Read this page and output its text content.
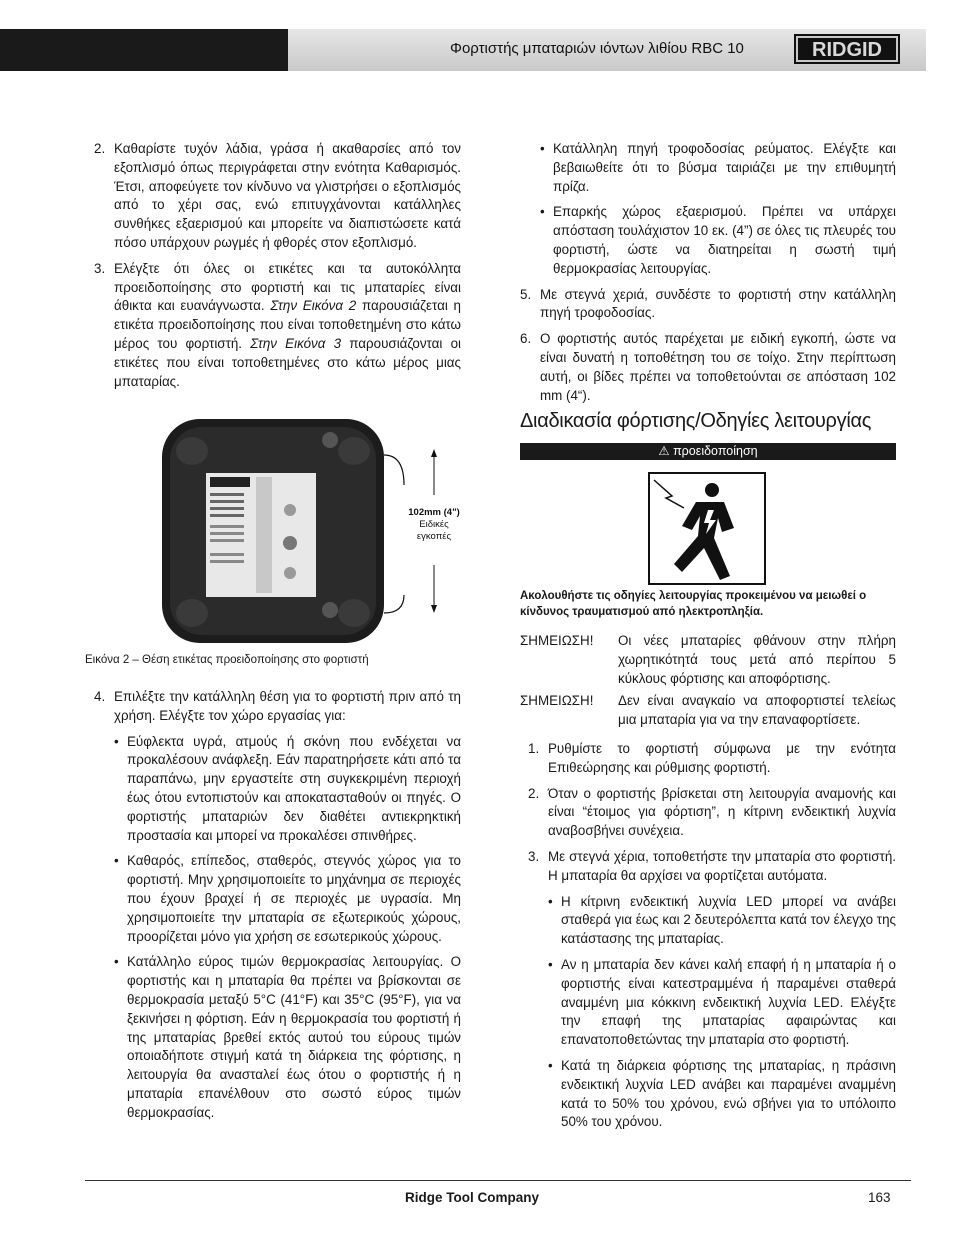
Φορτιστής μπαταριών ιόντων λιθίου RBC 10	RIDGID
2. Καθαρίστε τυχόν λάδια, γράσα ή ακαθαρσίες από τον εξοπλισμό όπως περιγράφεται στην ενότητα Καθαρισμός. Έτσι, αποφεύγετε τον κίνδυνο να γλιστρήσει ο εξοπλισμός από το χέρι σας, ενώ επιτυγχάνονται κατάλληλες συνθήκες εξαερισμού και μπορείτε να διαπιστώσετε κατά πόσο υπάρχουν ρωγμές ή φθορές στον εξοπλισμό.
3. Ελέγξτε ότι όλες οι ετικέτες και τα αυτοκόλλητα προειδοποίησης στο φορτιστή και τις μπαταρίες είναι άθικτα και ευανάγνωστα. Στην Εικόνα 2 παρουσιάζεται η ετικέτα προειδοποίησης που είναι τοποθετημένη στο κάτω μέρος του φορτιστή. Στην Εικόνα 3 παρουσιάζονται οι ετικέτες που είναι τοποθετημένες στο κάτω μέρος μιας μπαταρίας.
102mm (4")
Ειδικές
εγκοπές
Εικόνα 2 – Θέση ετικέτας προειδοποίησης στο φορτιστή
4. Επιλέξτε την κατάλληλη θέση για το φορτιστή πριν από τη χρήση. Ελέγξτε τον χώρο εργασίας για:
• Εύφλεκτα υγρά, ατμούς ή σκόνη που ενδέχεται να προκαλέσουν ανάφλεξη. Εάν παρατηρήσετε κάτι από τα παραπάνω, μην εργαστείτε στη συγκεκριμένη περιοχή έως ότου εντοπιστούν και αποκατασταθούν οι πηγές. Ο φορτιστής μπαταριών δεν διαθέτει αντιεκρηκτική προστασία και μπορεί να προκαλέσει σπινθήρες.
• Καθαρός, επίπεδος, σταθερός, στεγνός χώρος για το φορτιστή. Μην χρησιμοποιείτε το μηχάνημα σε περιοχές που έχουν βραχεί ή σε περιοχές με υγρασία. Μη χρησιμοποιείτε την μπαταρία σε εξωτερικούς χώρους, προορίζεται μόνο για χρήση σε εσωτερικούς χώρους.
• Κατάλληλο εύρος τιμών θερμοκρασίας λειτουργίας. Ο φορτιστής και η μπαταρία θα πρέπει να βρίσκονται σε θερμοκρασία μεταξύ 5°C (41°F) και 35°C (95°F), για να ξεκινήσει η φόρτιση. Εάν η θερμοκρασία του φορτιστή ή της μπαταρίας βρεθεί εκτός αυτού του εύρους τιμών οποιαδήποτε στιγμή κατά τη διάρκεια της φόρτισης, η λειτουργία θα ανασταλεί έως ότου ο φορτιστής ή η μπαταρία επανέλθουν στο σωστό εύρος τιμών θερμοκρασίας.
• Κατάλληλη πηγή τροφοδοσίας ρεύματος. Ελέγξτε και βεβαιωθείτε ότι το βύσμα ταιριάζει με την επιθυμητή πρίζα.
• Επαρκής χώρος εξαερισμού. Πρέπει να υπάρχει απόσταση τουλάχιστον 10 εκ. (4”) σε όλες τις πλευρές του φορτιστή, ώστε να διατηρείται η σωστή τιμή θερμοκρασίας λειτουργίας.
5. Με στεγνά χεριά, συνδέστε το φορτιστή στην κατάλληλη πηγή τροφοδοσίας.
6. Ο φορτιστής αυτός παρέχεται με ειδική εγκοπή, ώστε να είναι δυνατή η τοποθέτηση του σε τοίχο. Στην περίπτωση αυτή, οι βίδες πρέπει να τοποθετούνται σε απόσταση 102 mm (4“).
Διαδικασία φόρτισης/Οδηγίες λειτουργίας
⚠ προειδοποίηση
Ακολουθήστε τις οδηγίες λειτουργίας προκειμένου να μειωθεί ο κίνδυνος τραυματισμού από ηλεκτροπληξία.
ΣΗΜΕΙΩΣΗ! Οι νέες μπαταρίες φθάνουν στην πλήρη χωρητικότητά τους μετά από περίπου 5 κύκλους φόρτισης και αποφόρτισης.
ΣΗΜΕΙΩΣΗ! Δεν είναι αναγκαίο να αποφορτιστεί τελείως μια μπαταρία για να την επαναφορτίσετε.
1. Ρυθμίστε το φορτιστή σύμφωνα με την ενότητα Επιθεώρησης και ρύθμισης φορτιστή.
2. Όταν ο φορτιστής βρίσκεται στη λειτουργία αναμονής και είναι “έτοιμος για φόρτιση”, η κίτρινη ενδεικτική λυχνία αναβοσβήνει συνέχεια.
3. Με στεγνά χέρια, τοποθετήστε την μπαταρία στο φορτιστή. Η μπαταρία θα αρχίσει να φορτίζεται αυτόματα.
• Η κίτρινη ενδεικτική λυχνία LED μπορεί να ανάβει σταθερά για έως και 2 δευτερόλεπτα κατά τον έλεγχο της κατάστασης της μπαταρίας.
• Αν η μπαταρία δεν κάνει καλή επαφή ή η μπαταρία ή ο φορτιστής είναι κατεστραμμένα ή παραμένει σταθερά αναμμένη μια κόκκινη ενδεικτική λυχνία LED. Ελέγξτε την επαφή της μπαταρίας αφαιρώντας και επανατοποθετώντας την μπαταρία στο φορτιστή.
• Κατά τη διάρκεια φόρτισης της μπαταρίας, η πράσινη ενδεικτική λυχνία LED ανάβει και παραμένει αναμμένη κατά το 50% του χρόνου, ενώ σβήνει για το υπόλοιπο 50% του χρόνου.
Ridge Tool Company	163
